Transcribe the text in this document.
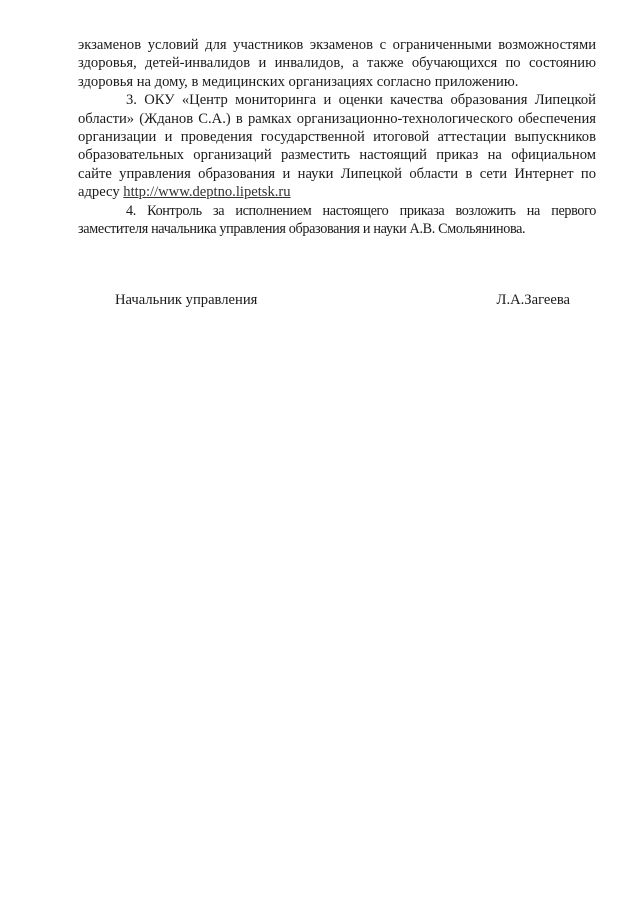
экзаменов условий для участников экзаменов с ограниченными возможностями здоровья, детей-инвалидов и инвалидов, а также обучающихся по состоянию здоровья на дому, в медицинских организациях согласно приложению.

3. ОКУ «Центр мониторинга и оценки качества образования Липецкой области» (Жданов С.А.) в рамках организационно-технологического обеспечения организации и проведения государственной итоговой аттестации выпускников образовательных организаций разместить настоящий приказ на официальном сайте управления образования и науки Липецкой области в сети Интернет по адресу http://www.deptno.lipetsk.ru

4. Контроль за исполнением настоящего приказа возложить на первого заместителя начальника управления образования и науки А.В. Смольянинова.

Начальник управления	Л.А.Загеева
